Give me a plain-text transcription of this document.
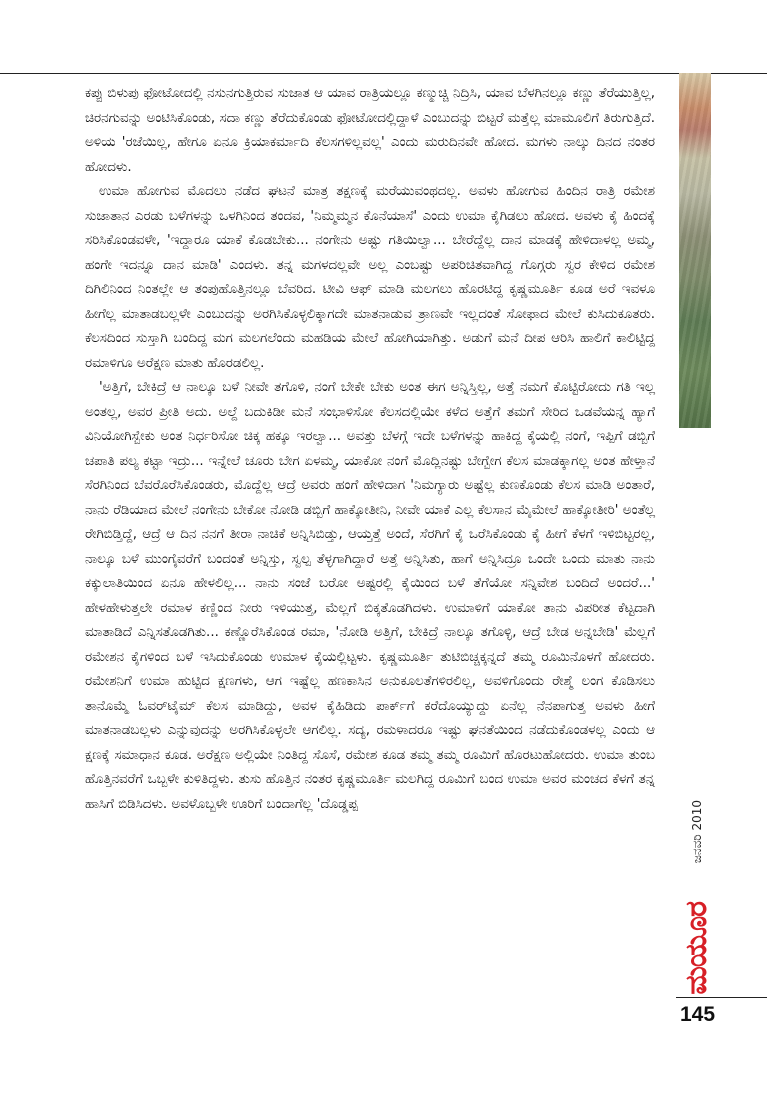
ಕಪ್ಪು ಬಿಳುಪು ಫೋಟೋದಲ್ಲಿ ನಸುನಗುತ್ತಿರುವ ಸುಜಾತ ಆ ಯಾವ ರಾತ್ರಿಯಲ್ಲೂ ಕಣ್ಮುಚ್ಚಿ ನಿದ್ರಿಸಿ, ಯಾವ ಬೆಳಗಿನಲ್ಲೂ ಕಣ್ಣು ತೆರೆಯುತ್ತಿಲ್ಲ, ಚಿರನಗುವನ್ನು ಅಂಟಿಸಿಕೊಂಡು, ಸದಾ ಕಣ್ಣು ತೆರೆದುಕೊಂಡು ಫೋಟೋದಲ್ಲಿದ್ದಾಳೆ ಎಂಬುದನ್ನು ಬಿಟ್ಟರೆ ಮತ್ತೆಲ್ಲ ಮಾಮೂಲಿಗೆ ತಿರುಗುತ್ತಿದೆ. ಅಳಿಯ 'ರಜೆಯಿಲ್ಲ, ಹೇಗೂ ಏನೂ ಕ್ರಿಯಾಕರ್ಮಾದಿ ಕೆಲಸಗಳಿಲ್ಲವಲ್ಲ' ಎಂದು ಮರುದಿನವೇ ಹೋದ. ಮಗಳು ನಾಲ್ಕು ದಿನದ ನಂತರ ಹೋದಳು.

ಉಮಾ ಹೋಗುವ ಮೊದಲು ನಡೆದ ಘಟನೆ ಮಾತ್ರ ತಕ್ಷಣಕ್ಕೆ ಮರೆಯುವಂಥದಲ್ಲ. ಅವಳು ಹೋಗುವ ಹಿಂದಿನ ರಾತ್ರಿ ರಮೇಶ ಸುಜಾತಾನ ಎರಡು ಬಳೆಗಳನ್ನು ಒಳಗಿನಿಂದ ತಂದವ, 'ನಿಮ್ಮಮ್ಮನ ಕೊನೆಯಾಸೆ' ಎಂದು ಉಮಾ ಕೈಗಿಡಲು ಹೋದ. ಅವಳು ಕೈ ಹಿಂದಕ್ಕೆ ಸರಿಸಿಕೊಂಡವಳೇ, 'ಇದ್ದಾರೂ ಯಾಕೆ ಕೊಡಬೇಕು... ನಂಗೇನು ಅಷ್ಟು ಗತಿಯಿಲ್ವಾ... ಬೇರೆದ್ದೆಲ್ಲ ದಾನ ಮಾಡಕ್ಕೆ ಹೇಳಿದಾಳಲ್ಲ ಅಮ್ಮ, ಹಂಗೇ ಇದನ್ನೂ ದಾನ ಮಾಡಿ' ಎಂದಳು. ತನ್ನ ಮಗಳದಲ್ಲವೇ ಅಲ್ಲ ಎಂಬಷ್ಟು ಅಪರಿಚಿತವಾಗಿದ್ದ ಗೊಗ್ಗರು ಸ್ವರ ಕೇಳಿದ ರಮೇಶ ದಿಗಿಲಿನಿಂದ ನಿಂತಲ್ಲೇ ಆ ತಂಪುಹೊತ್ತಿನಲ್ಲೂ ಬೆವರಿದ. ಟೀವಿ ಆಫ್ ಮಾಡಿ ಮಲಗಲು ಹೊರಟಿದ್ದ ಕೃಷ್ಣಮೂರ್ತಿ ಕೂಡ ಅರೆ ಇವಳೂ ಹೀಗೆಲ್ಲ ಮಾತಾಡಬಲ್ಲಳೇ ಎಂಬುದನ್ನು ಅರಗಿಸಿಕೊಳ್ಳಲಿಕ್ಕಾಗದೇ ಮಾತನಾಡುವ ತ್ರಾಣವೇ ಇಲ್ಲದಂತೆ ಸೋಫಾದ ಮೇಲೆ ಕುಸಿದುಕೂತರು. ಕೆಲಸದಿಂದ ಸುಸ್ತಾಗಿ ಬಂದಿದ್ದ ಮಗ ಮಲಗಲೆಂದು ಮಹಡಿಯ ಮೇಲೆ ಹೋಗಿಯಾಗಿತ್ತು. ಅಡುಗೆ ಮನೆ ದೀಪ ಆರಿಸಿ ಹಾಲಿಗೆ ಕಾಲಿಟ್ಟಿದ್ದ ರಮಾಳಿಗೂ ಅರೆಕ್ಷಣ ಮಾತು ಹೊರಡಲಿಲ್ಲ.

'ಅತ್ತಿಗೆ, ಬೇಕಿದ್ರೆ ಆ ನಾಲ್ಕೂ ಬಳೆ ನೀವೇ ತಗೊಳಿ, ನಂಗೆ ಬೇಕೇ ಬೇಕು ಅಂತ ಈಗ ಅನ್ನಿಸ್ತಿಲ್ಲ, ಅತ್ತೆ ನಮಗೆ ಕೊಟ್ಟಿರೋದು ಗತಿ ಇಲ್ಲ ಅಂತಲ್ಲ, ಅವರ ಪ್ರೀತಿ ಅದು. ಅಲ್ದೆ ಬದುಕಿಡೀ ಮನೆ ಸಂಭಾಳಿಸೋ ಕೆಲಸದಲ್ಲಿಯೇ ಕಳೆದ ಅತ್ತೆಗೆ ತಮಗೆ ಸೇರಿದ ಒಡವೆಯನ್ನ ಹ್ಯಾಗೆ ವಿನಿಯೋಗಿಸ್ಬೇಕು ಅಂತ ನಿರ್ಧರಿಸೋ ಚಿಕ್ಕ ಹಕ್ಕೂ ಇರಲ್ವಾ... ಅವತ್ತು ಬೆಳಗ್ಗೆ ಇದೇ ಬಳೆಗಳನ್ನು ಹಾಕಿದ್ದ ಕೈಯಲ್ಲಿ ನಂಗೆ, ಇಪ್ಪಿಗೆ ಡಬ್ಬಿಗೆ ಚಪಾತಿ ಪಲ್ಯ ಕಟ್ಟಾ ಇದ್ರು... ಇನ್ನೇಲೆ ಚೂರು ಬೇಗ ಏಳಮ್ಮ, ಯಾಕೋ ನಂಗೆ ಮೊದ್ಲಿನಷ್ಟು ಬೇಗ್ಬೇಗ ಕೆಲಸ ಮಾಡಕ್ಕಾಗಲ್ಲ ಅಂತ ಹೇಳ್ತಾನೆ ಸೆರಗಿನಿಂದ ಬೆವರೊರೆಸಿಕೊಂಡರು, ಮೊದ್ದೆಲ್ಲ ಆದ್ರೆ ಅವರು ಹಂಗೆ ಹೇಳಿದಾಗ 'ನಿಮಗ್ಯಾರು ಅಷ್ಟೆಲ್ಲ ಕುಣಕೊಂಡು ಕೆಲಸ ಮಾಡಿ ಅಂತಾರೆ, ನಾನು ರೆಡಿಯಾದ ಮೇಲೆ ನಂಗೇನು ಬೇಕೋ ನೋಡಿ ಡಬ್ಬಿಗೆ ಹಾಕ್ಕೋತೀನಿ, ನೀವೇ ಯಾಕೆ ಎಲ್ಲ ಕೆಲಸಾನ ಮೈಮೇಲೆ ಹಾಕ್ಕೋತೀರಿ' ಅಂತೆಲ್ಲ ರೇಗಿಬಿಡ್ತಿದ್ದೆ, ಆದ್ರೆ ಆ ದಿನ ನನಗೆ ತೀರಾ ನಾಚಿಕೆ ಅನ್ನಿಸಿಬಿಡ್ತು, ಆಯ್ತತ್ತೆ ಅಂದೆ, ಸೆರಗಿಗೆ ಕೈ ಒರೆಸಿಕೊಂಡು ಕೈ ಹೀಗೆ ಕೆಳಗೆ ಇಳಿಬಿಟ್ಟರಲ್ಲ, ನಾಲ್ಕೂ ಬಳೆ ಮುಂಗೈವರೆಗೆ ಬಂದಂತೆ ಅನ್ನಿಸ್ತು, ಸ್ವಲ್ಪ ತೆಳ್ಳಗಾಗಿದ್ದಾರೆ ಅತ್ತೆ ಅನ್ನಿಸಿತು, ಹಾಗೆ ಅನ್ನಿಸಿದ್ರೂ ಒಂದೇ ಒಂದು ಮಾತು ನಾನು ಕಕ್ಕುಲಾತಿಯಿಂದ ಏನೂ ಹೇಳಲಿಲ್ಲ... ನಾನು ಸಂಜೆ ಬರೋ ಅಷ್ಟರಲ್ಲಿ ಕೈಯಿಂದ ಬಳೆ ತೆಗೆಯೋ ಸನ್ನಿವೇಶ ಬಂದಿದೆ ಅಂದರೆ...' ಹೇಳಹೇಳುತ್ತಲೇ ರಮಾಳ ಕಣ್ಣಿಂದ ನೀರು ಇಳಿಯುತ್ತ, ಮೆಲ್ಲಗೆ ಬಿಕ್ಕತೊಡಗಿದಳು. ಉಮಾಳಿಗೆ ಯಾಕೋ ತಾನು ವಿಪರೀತ ಕೆಟ್ಟದಾಗಿ ಮಾತಾಡಿದೆ ಎನ್ನಿಸತೊಡಗಿತು... ಕಣ್ಣೊರೆಸಿಕೊಂಡ ರಮಾ, 'ನೋಡಿ ಅತ್ತಿಗೆ, ಬೇಕಿದ್ರೆ ನಾಲ್ಕೂ ತಗೊಳ್ಳಿ, ಆದ್ರೆ ಬೇಡ ಅನ್ನಬೇಡಿ' ಮೆಲ್ಲಗೆ ರಮೇಶನ ಕೈಗಳಿಂದ ಬಳೆ ಇಸಿದುಕೊಂಡು ಉಮಾಳ ಕೈಯಲ್ಲಿಟ್ಟಳು. ಕೃಷ್ಣಮೂರ್ತಿ ತುಟಿಬಿಚ್ಚಕ್ಕನ್ನದೆ ತಮ್ಮ ರೂಮಿನೊಳಗೆ ಹೋದರು. ರಮೇಶನಿಗೆ ಉಮಾ ಹುಟ್ಟಿದ ಕ್ಷಣಗಳು, ಆಗ ಇಷ್ಟೆಲ್ಲ ಹಣಕಾಸಿನ ಅನುಕೂಲತೆಗಳಿರಲಿಲ್ಲ, ಅವಳಿಗೊಂದು ರೇಶ್ಮೆ ಲಂಗ ಕೊಡಿಸಲು ತಾನೊಮ್ಮೆ ಓವರ್‌ಟೈಮ್ ಕೆಲಸ ಮಾಡಿದ್ದು, ಅವಳ ಕೈಹಿಡಿದು ಪಾರ್ಕ್‌ಗೆ ಕರೆದೊಯ್ಯುದ್ದು ಏನೆಲ್ಲ ನೆನಪಾಗುತ್ತ ಅವಳು ಹೀಗೆ ಮಾತನಾಡಬಲ್ಲಳು ಎನ್ನುವುದನ್ನು ಅರಗಿಸಿಕೊಳ್ಳಲೇ ಆಗಲಿಲ್ಲ. ಸದ್ಯ, ರಮಳಾದರೂ ಇಷ್ಟು ಘನತೆಯಿಂದ ನಡೆದುಕೊಂಡಳಲ್ಲ ಎಂದು ಆ ಕ್ಷಣಕ್ಕೆ ಸಮಾಧಾನ ಕೂಡ. ಅರೆಕ್ಷಣ ಅಲ್ಲಿಯೇ ನಿಂತಿದ್ದ ಸೊಸೆ, ರಮೇಶ ಕೂಡ ತಮ್ಮ ತಮ್ಮ ರೂಮಿಗೆ ಹೊರಟುಹೋದರು. ಉಮಾ ತುಂಬ ಹೊತ್ತಿನವರೆಗೆ ಒಬ್ಬಳೇ ಕುಳಿತಿದ್ದಳು. ತುಸು ಹೊತ್ತಿನ ನಂತರ ಕೃಷ್ಣಮೂರ್ತಿ ಮಲಗಿದ್ದ ರೂಮಿಗೆ ಬಂದ ಉಮಾ ಅವರ ಮಂಚದ ಕೆಳಗೆ ತನ್ನ ಹಾಸಿಗೆ ಬಿಡಿಸಿದಳು. ಅವಳೊಬ್ಬಳೇ ಊರಿಗೆ ಬಂದಾಗೆಲ್ಲ 'ದೊಡ್ಡಪ್ಪ	ಜನವರಿ 2010
ಮಯೂರ
145
